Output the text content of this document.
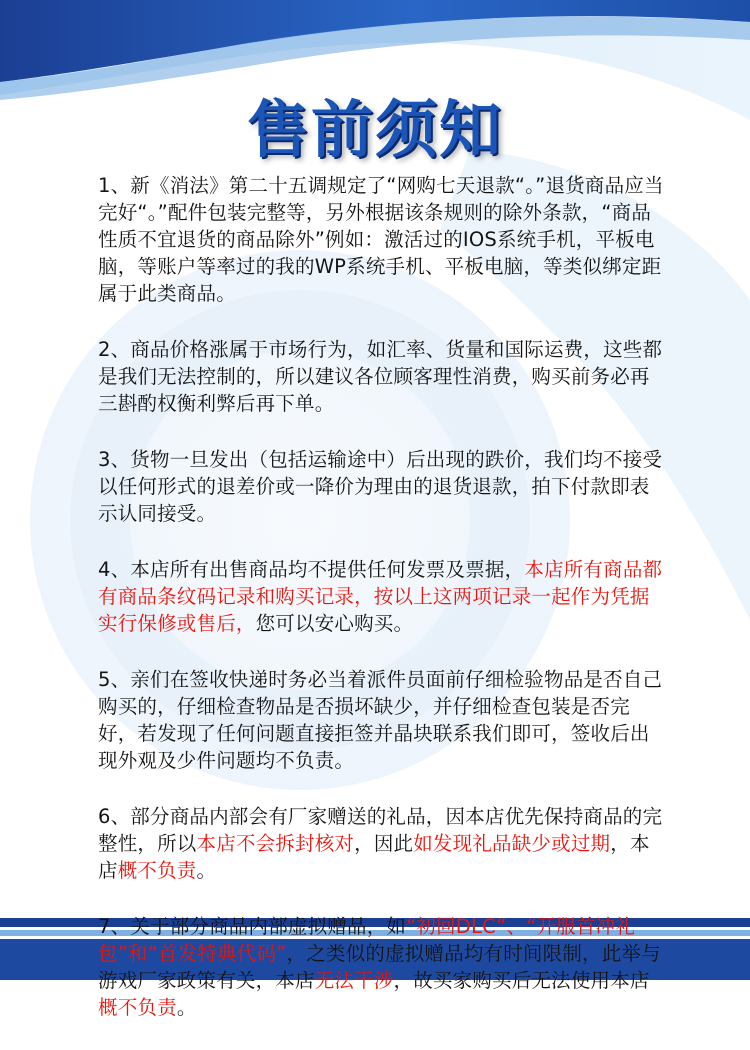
售前须知

1、新《消法》第二十五调规定了“网购七天退款“。”退货商品应当完好“。”配件包装完整等，另外根据该条规则的除外条款，“商品性质不宜退货的商品除外”例如：激活过的IOS系统手机，平板电脑，等账户等率过的我的WP系统手机、平板电脑，等类似绑定距属于此类商品。

2、商品价格涨属于市场行为，如汇率、货量和国际运费，这些都是我们无法控制的，所以建议各位顾客理性消费，购买前务必再三斟酌权衡利弊后再下单。

3、货物一旦发出（包括运输途中）后出现的跌价，我们均不接受以任何形式的退差价或一降价为理由的退货退款，拍下付款即表示认同接受。

4、本店所有出售商品均不提供任何发票及票据，本店所有商品都有商品条纹码记录和购买记录，按以上这两项记录一起作为凭据实行保修或售后，您可以安心购买。

5、亲们在签收快递时务必当着派件员面前仔细检验物品是否自己购买的，仔细检查物品是否损坏缺少，并仔细检查包装是否完好，若发现了任何问题直接拒签并晶块联系我们即可，签收后出现外观及少件问题均不负责。

6、部分商品内部会有厂家赠送的礼品，因本店优先保持商品的完整性，所以本店不会拆封核对，因此如发现礼品缺少或过期，本店概不负责。

7、关于部分商品内部虚拟赠品，如“初回DLC”、“开服首冲礼包”和“首发特典代码”，之类似的虚拟赠品均有时间限制，此举与游戏厂家政策有关，本店无法干涉，故买家购买后无法使用本店概不负责。
